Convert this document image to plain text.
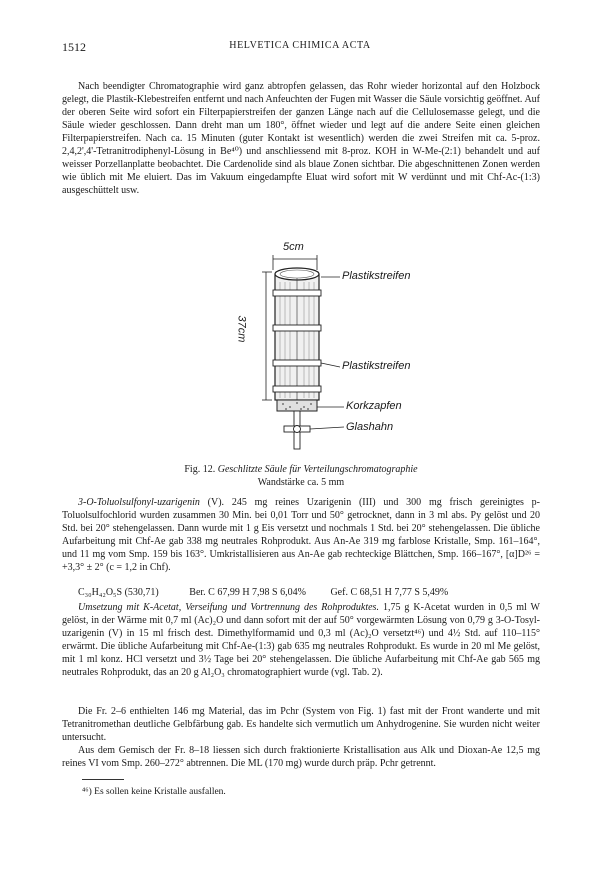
1512	HELVETICA CHIMICA ACTA

Nach beendigter Chromatographie wird ganz abtropfen gelassen, das Rohr wieder horizontal auf den Holzbock gelegt, die Plastik-Klebestreifen entfernt und nach Anfeuchten der Fugen mit Wasser die Säule vorsichtig geöffnet. Auf der oberen Seite wird sofort ein Filterpapierstreifen der ganzen Länge nach auf die Cellulosemasse gelegt, und die Säule wieder geschlossen. Dann dreht man um 180°, öffnet wieder und legt auf die andere Seite einen gleichen Filterpapierstreifen. Nach ca. 15 Minuten (guter Kontakt ist wesentlich) werden die zwei Streifen mit ca. 5-proz. 2,4,2',4'-Tetranitrodiphenyl-Lösung in Be⁴⁰) und anschliessend mit 8-proz. KOH in W-Me-(2:1) behandelt und auf weisser Porzellanplatte beobachtet. Die Cardenolide sind als blaue Zonen sichtbar. Die abgeschnittenen Zonen werden wie üblich mit Me eluiert. Das im Vakuum eingedampfte Eluat wird sofort mit W verdünnt und mit Chf-Ac-(1:3) ausgeschüttelt usw.

5cm
37cm
Plastikstreifen
Plastikstreifen
Korkzapfen
Glashahn
Fig. 12. Geschlitzte Säule für Verteilungschromatographie
Wandstärke ca. 5 mm

3-O-Toluolsulfonyl-uzarigenin (V). 245 mg reines Uzarigenin (III) und 300 mg frisch gereinigtes p-Toluolsulfochlorid wurden zusammen 30 Min. bei 0,01 Torr und 50° getrocknet, dann in 3 ml abs. Py gelöst und 20 Std. bei 20° stehengelassen. Dann wurde mit 1 g Eis versetzt und nochmals 1 Std. bei 20° stehengelassen. Die übliche Aufarbeitung mit Chf-Ae gab 338 mg neutrales Rohprodukt. Aus An-Ae 319 mg farblose Kristalle, Smp. 161–164°, und 11 mg vom Smp. 159 bis 163°. Umkristallisieren aus An-Ae gab rechteckige Blättchen, Smp. 166–167°, [α]D²⁶ = +3,3° ± 2° (c = 1,2 in Chf).

C₃₀H₄₂O₅S (530,71)	Ber. C 67,99 H 7,98 S 6,04% Gef. C 68,51 H 7,77 S 5,49%

Umsetzung mit K-Acetat, Verseifung und Vortrennung des Rohproduktes. 1,75 g K-Acetat wurden in 0,5 ml W gelöst, in der Wärme mit 0,7 ml (Ac)₂O und dann sofort mit der auf 50° vorgewärmten Lösung von 0,79 g 3-O-Tosyl-uzarigenin (V) in 15 ml frisch dest. Dimethylformamid und 0,3 ml (Ac)₂O versetzt⁴⁶) und 4½ Std. auf 110–115° erwärmt. Die übliche Aufarbeitung mit Chf-Ae-(1:3) gab 635 mg neutrales Rohprodukt. Es wurde in 20 ml Me gelöst, mit 1 ml konz. HCl versetzt und 3½ Tage bei 20° stehengelassen. Die übliche Aufarbeitung mit Chf-Ae gab 565 mg neutrales Rohprodukt, das an 20 g Al₂O₃ chromatographiert wurde (vgl. Tab. 2).

Die Fr. 2–6 enthielten 146 mg Material, das im Pchr (System von Fig. 1) fast mit der Front wanderte und mit Tetranitromethan deutliche Gelbfärbung gab. Es handelte sich vermutlich um Anhydrogenine. Sie wurden nicht weiter untersucht.

Aus dem Gemisch der Fr. 8–18 liessen sich durch fraktionierte Kristallisation aus Alk und Dioxan-Ae 12,5 mg reines VI vom Smp. 260–272° abtrennen. Die ML (170 mg) wurde durch präp. Pchr getrennt.

⁴⁶) Es sollen keine Kristalle ausfallen.
